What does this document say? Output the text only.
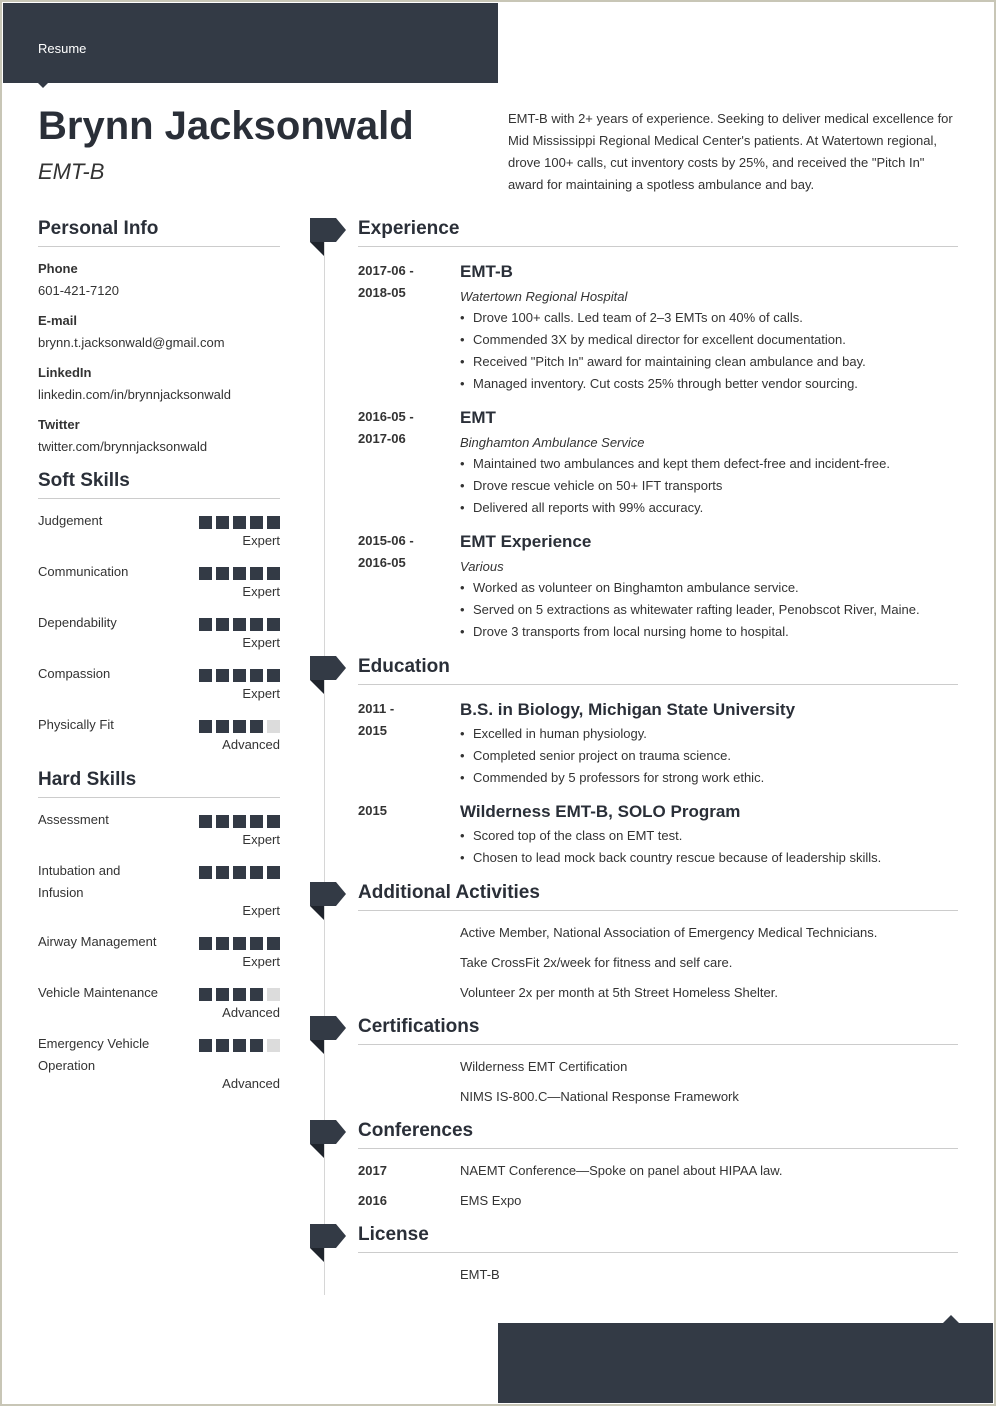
Resume
Brynn Jacksonwald
EMT-B
EMT-B with 2+ years of experience. Seeking to deliver medical excellence for Mid Mississippi Regional Medical Center's patients. At Watertown regional, drove 100+ calls, cut inventory costs by 25%, and received the "Pitch In" award for maintaining a spotless ambulance and bay.
Personal Info
Phone
601-421-7120
E-mail
brynn.t.jacksonwald@gmail.com
LinkedIn
linkedin.com/in/brynnjacksonwald
Twitter
twitter.com/brynnjacksonwald
Soft Skills
Judgement
Expert
Communication
Expert
Dependability
Expert
Compassion
Expert
Physically Fit
Advanced
Hard Skills
Assessment
Expert
Intubation and Infusion
Expert
Airway Management
Expert
Vehicle Maintenance
Advanced
Emergency Vehicle Operation
Advanced
Experience
2017-06 -
2018-05
EMT-B
Watertown Regional Hospital
• Drove 100+ calls. Led team of 2–3 EMTs on 40% of calls.
• Commended 3X by medical director for excellent documentation.
• Received "Pitch In" award for maintaining clean ambulance and bay.
• Managed inventory. Cut costs 25% through better vendor sourcing.
2016-05 -
2017-06
EMT
Binghamton Ambulance Service
• Maintained two ambulances and kept them defect-free and incident-free.
• Drove rescue vehicle on 50+ IFT transports
• Delivered all reports with 99% accuracy.
2015-06 -
2016-05
EMT Experience
Various
• Worked as volunteer on Binghamton ambulance service.
• Served on 5 extractions as whitewater rafting leader, Penobscot River, Maine.
• Drove 3 transports from local nursing home to hospital.
Education
2011 -
2015
B.S. in Biology, Michigan State University
• Excelled in human physiology.
• Completed senior project on trauma science.
• Commended by 5 professors for strong work ethic.
2015	Wilderness EMT-B, SOLO Program
• Scored top of the class on EMT test.
• Chosen to lead mock back country rescue because of leadership skills.
Additional Activities
Active Member, National Association of Emergency Medical Technicians.
Take CrossFit 2x/week for fitness and self care.
Volunteer 2x per month at 5th Street Homeless Shelter.
Certifications
Wilderness EMT Certification
NIMS IS-800.C—National Response Framework
Conferences
2017	NAEMT Conference—Spoke on panel about HIPAA law.
2016	EMS Expo
License
EMT-B
